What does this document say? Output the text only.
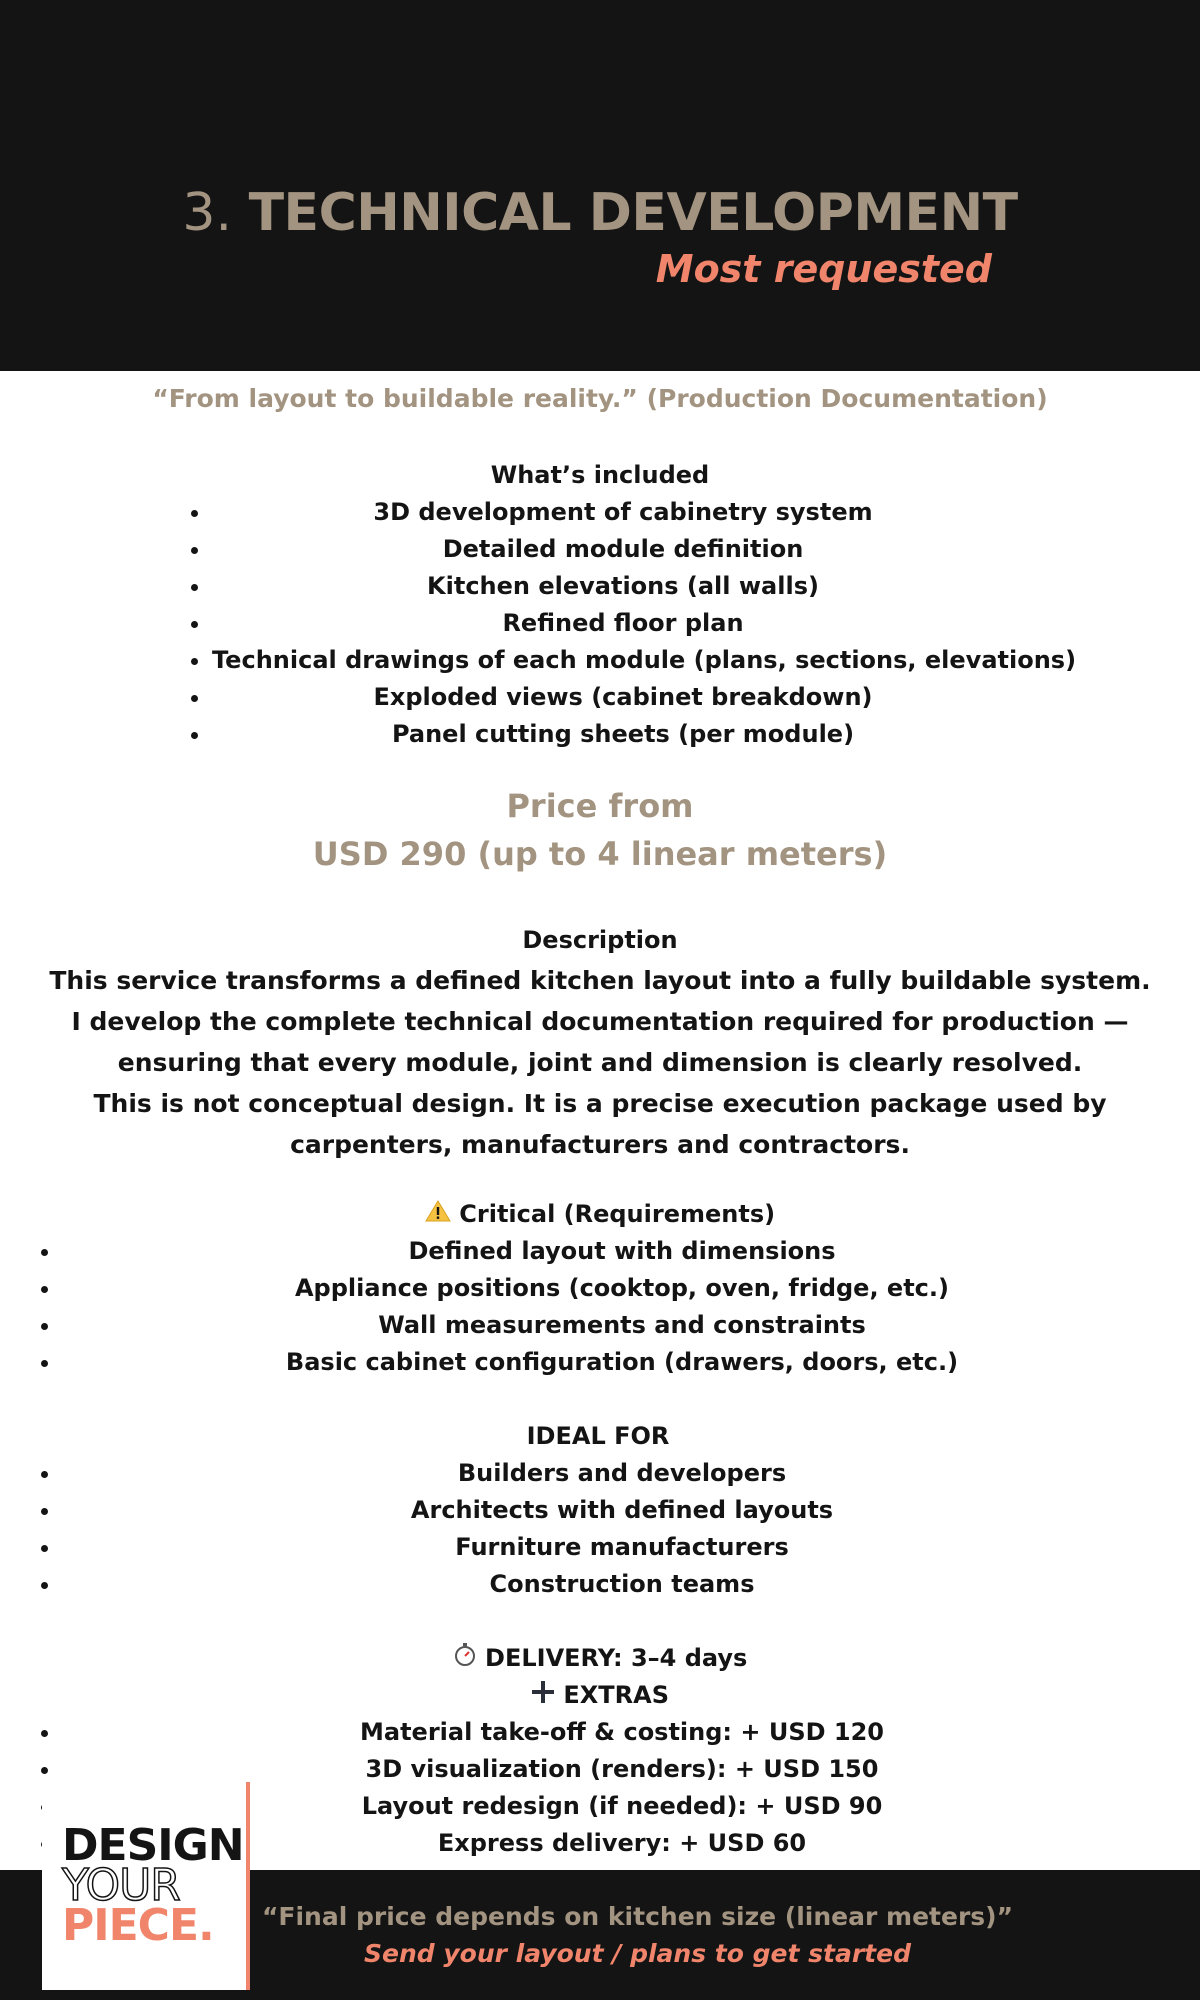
3. TECHNICAL DEVELOPMENT
Most requested
“From layout to buildable reality.” (Production Documentation)
What’s included
• 3D development of cabinetry system
• Detailed module definition
• Kitchen elevations (all walls)
• Refined floor plan
• Technical drawings of each module (plans, sections, elevations)
• Exploded views (cabinet breakdown)
• Panel cutting sheets (per module)
Price from
USD 290 (up to 4 linear meters)
Description

This service transforms a defined kitchen layout into a fully buildable system.

I develop the complete technical documentation required for production — ensuring that every module, joint and dimension is clearly resolved.

This is not conceptual design. It is a precise execution package used by carpenters, manufacturers and contractors.

Critical (Requirements)
• Defined layout with dimensions
• Appliance positions (cooktop, oven, fridge, etc.)
• Wall measurements and constraints
• Basic cabinet configuration (drawers, doors, etc.)
IDEAL FOR
• Builders and developers
• Architects with defined layouts
• Furniture manufacturers
• Construction teams
DELIVERY: 3–4 days
EXTRAS
• Material take-off & costing: + USD 120
• 3D visualization (renders): + USD 150
• Layout redesign (if needed): + USD 90
• Express delivery: + USD 60
DESIGN
YOUR
PIECE.	“Final price depends on kitchen size (linear meters)”
Send your layout / plans to get started
